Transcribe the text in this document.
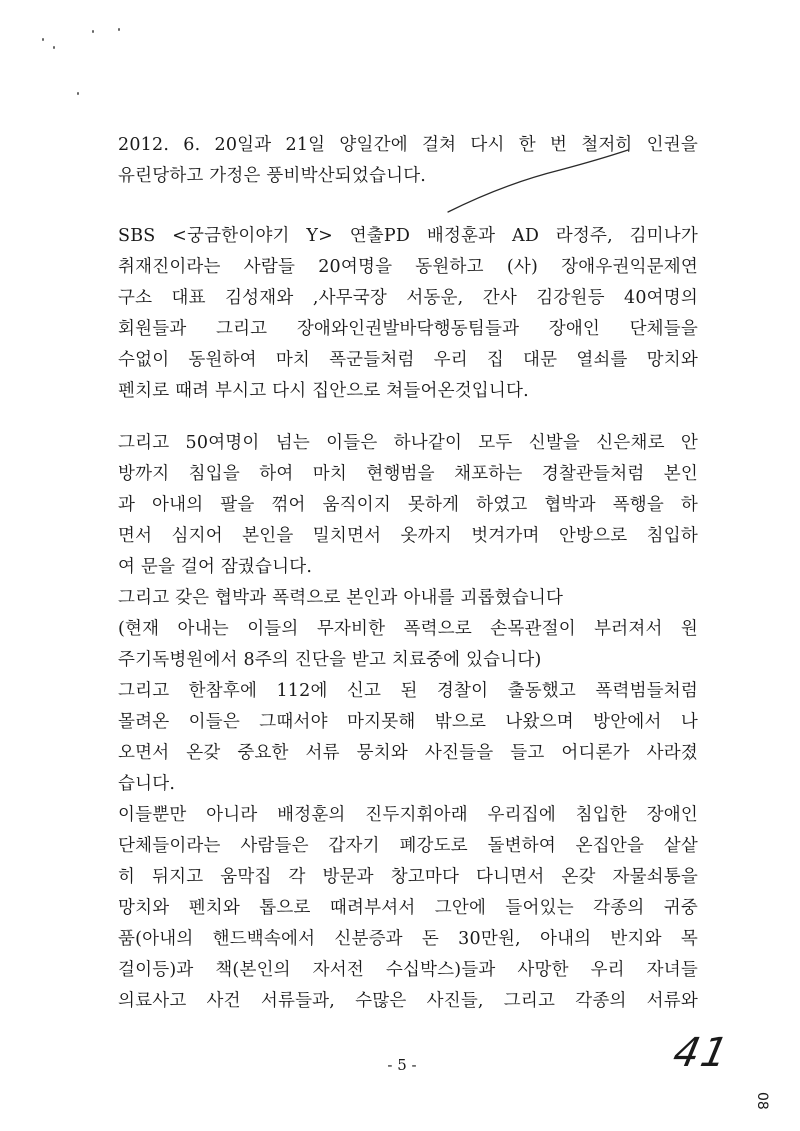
2012. 6. 20일과 21일 양일간에 걸쳐 다시 한 번 철저히 인권을
유린당하고 가정은 풍비박산되었습니다.
SBS <궁금한이야기 Y> 연출PD 배정훈과 AD 라정주, 김미나가
취재진이라는 사람들 20여명을 동원하고 (사) 장애우권익문제연
구소 대표 김성재와 ,사무국장 서동운, 간사 김강원등 40여명의
회원들과 그리고 장애와인권발바닥행동팀들과 장애인 단체들을
수없이 동원하여 마치 폭군들처럼 우리 집 대문 열쇠를 망치와
펜치로 때려 부시고 다시 집안으로 쳐들어온것입니다.
그리고 50여명이 넘는 이들은 하나같이 모두 신발을 신은채로 안
방까지 침입을 하여 마치 현행범을 채포하는 경찰관들처럼 본인
과 아내의 팔을 꺾어 움직이지 못하게 하였고 협박과 폭행을 하
면서 심지어 본인을 밀치면서 옷까지 벗겨가며 안방으로 침입하
여 문을 걸어 잠궜습니다.
그리고 갖은 협박과 폭력으로 본인과 아내를 괴롭혔습니다
(현재 아내는 이들의 무자비한 폭력으로 손목관절이 부러져서 원
주기독병원에서 8주의 진단을 받고 치료중에 있습니다)
그리고 한참후에 112에 신고 된 경찰이 출동했고 폭력범들처럼
몰려온 이들은 그때서야 마지못해 밖으로 나왔으며 방안에서 나
오면서 온갖 중요한 서류 뭉치와 사진들을 들고 어디론가 사라졌
습니다.
이들뿐만 아니라 배정훈의 진두지휘아래 우리집에 침입한 장애인
단체들이라는 사람들은 갑자기 폐강도로 돌변하여 온집안을 샅샅
히 뒤지고 움막집 각 방문과 창고마다 다니면서 온갖 자물쇠통을
망치와 펜치와 톱으로 때려부셔서 그안에 들어있는 각종의 귀중
품(아내의 핸드백속에서 신분증과 돈 30만원, 아내의 반지와 목
걸이등)과 책(본인의 자서전 수십박스)들과 사망한 우리 자녀들
의료사고 사건 서류들과, 수많은 사진들, 그리고 각종의 서류와
- 5 -	41
08
